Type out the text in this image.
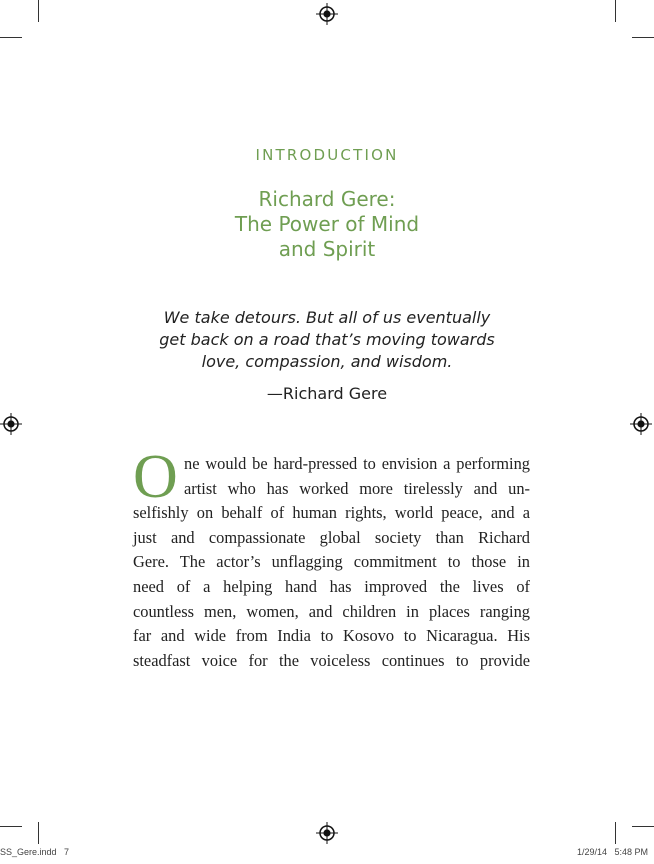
INTRODUCTION
Richard Gere:
The Power of Mind
and Spirit
We take detours. But all of us eventually
get back on a road that’s moving towards
love, compassion, and wisdom.
—Richard Gere
O ne would be hard-pressed to envision a performing
artist who has worked more tirelessly and un-
selfishly on behalf of human rights, world peace, and a
just and compassionate global society than Richard
Gere. The actor’s unflagging commitment to those in
need of a helping hand has improved the lives of
countless men, women, and children in places ranging
far and wide from India to Kosovo to Nicaragua. His
steadfast voice for the voiceless continues to provide
SS_Gere.indd   7	1/29/14   5:48 PM
